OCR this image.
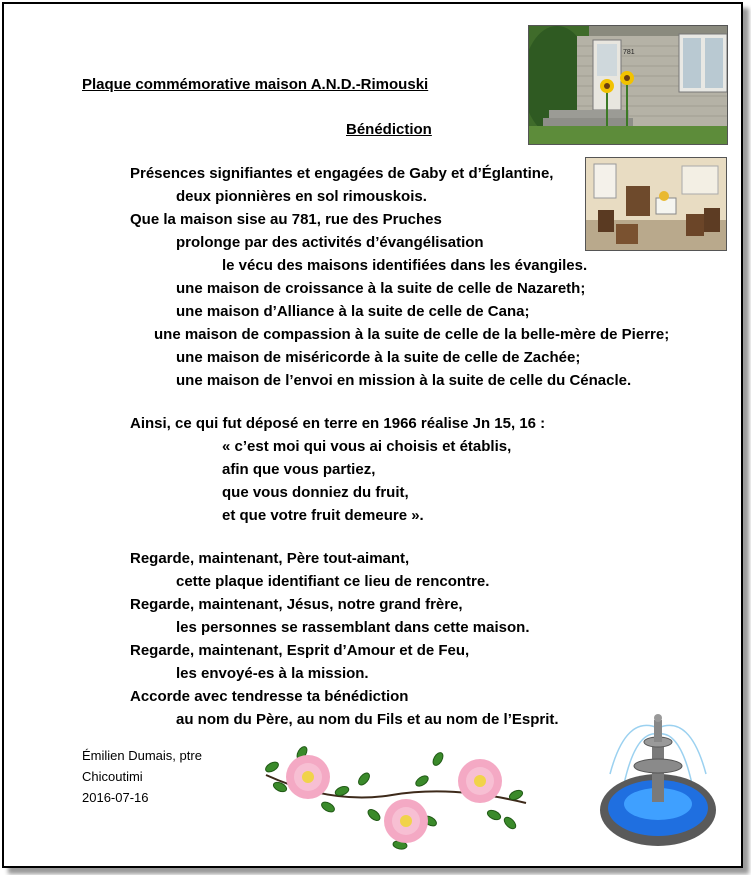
Plaque commémorative maison A.N.D.-Rimouski
Bénédiction
781
Présences signifiantes et engagées de Gaby et d’Églantine,
deux pionnières en sol rimouskois.
Que la maison sise au 781, rue des Pruches
prolonge par des activités d’évangélisation
le vécu des maisons identifiées dans les évangiles.
une maison de croissance à la suite de celle de Nazareth;
une maison d’Alliance à la suite de celle de Cana;
une maison de compassion à la suite de celle de la belle-mère de Pierre;
une maison de miséricorde à la suite de celle de Zachée;
une maison de l’envoi en mission à la suite de celle du Cénacle.
Ainsi, ce qui fut déposé en terre en 1966 réalise Jn 15, 16 :
« c’est moi qui vous ai choisis et établis,
afin que vous partiez,
que vous donniez du fruit,
et que votre fruit demeure ».
Regarde, maintenant, Père tout-aimant,
cette plaque identifiant ce lieu de rencontre.
Regarde, maintenant, Jésus, notre grand frère,
les personnes se rassemblant dans cette maison.
Regarde, maintenant, Esprit d’Amour et de Feu,
les envoyé-es à la mission.
Accorde avec tendresse ta bénédiction
au nom du Père, au nom du Fils et au nom de l’Esprit.
Émilien Dumais, ptre
Chicoutimi
2016-07-16
